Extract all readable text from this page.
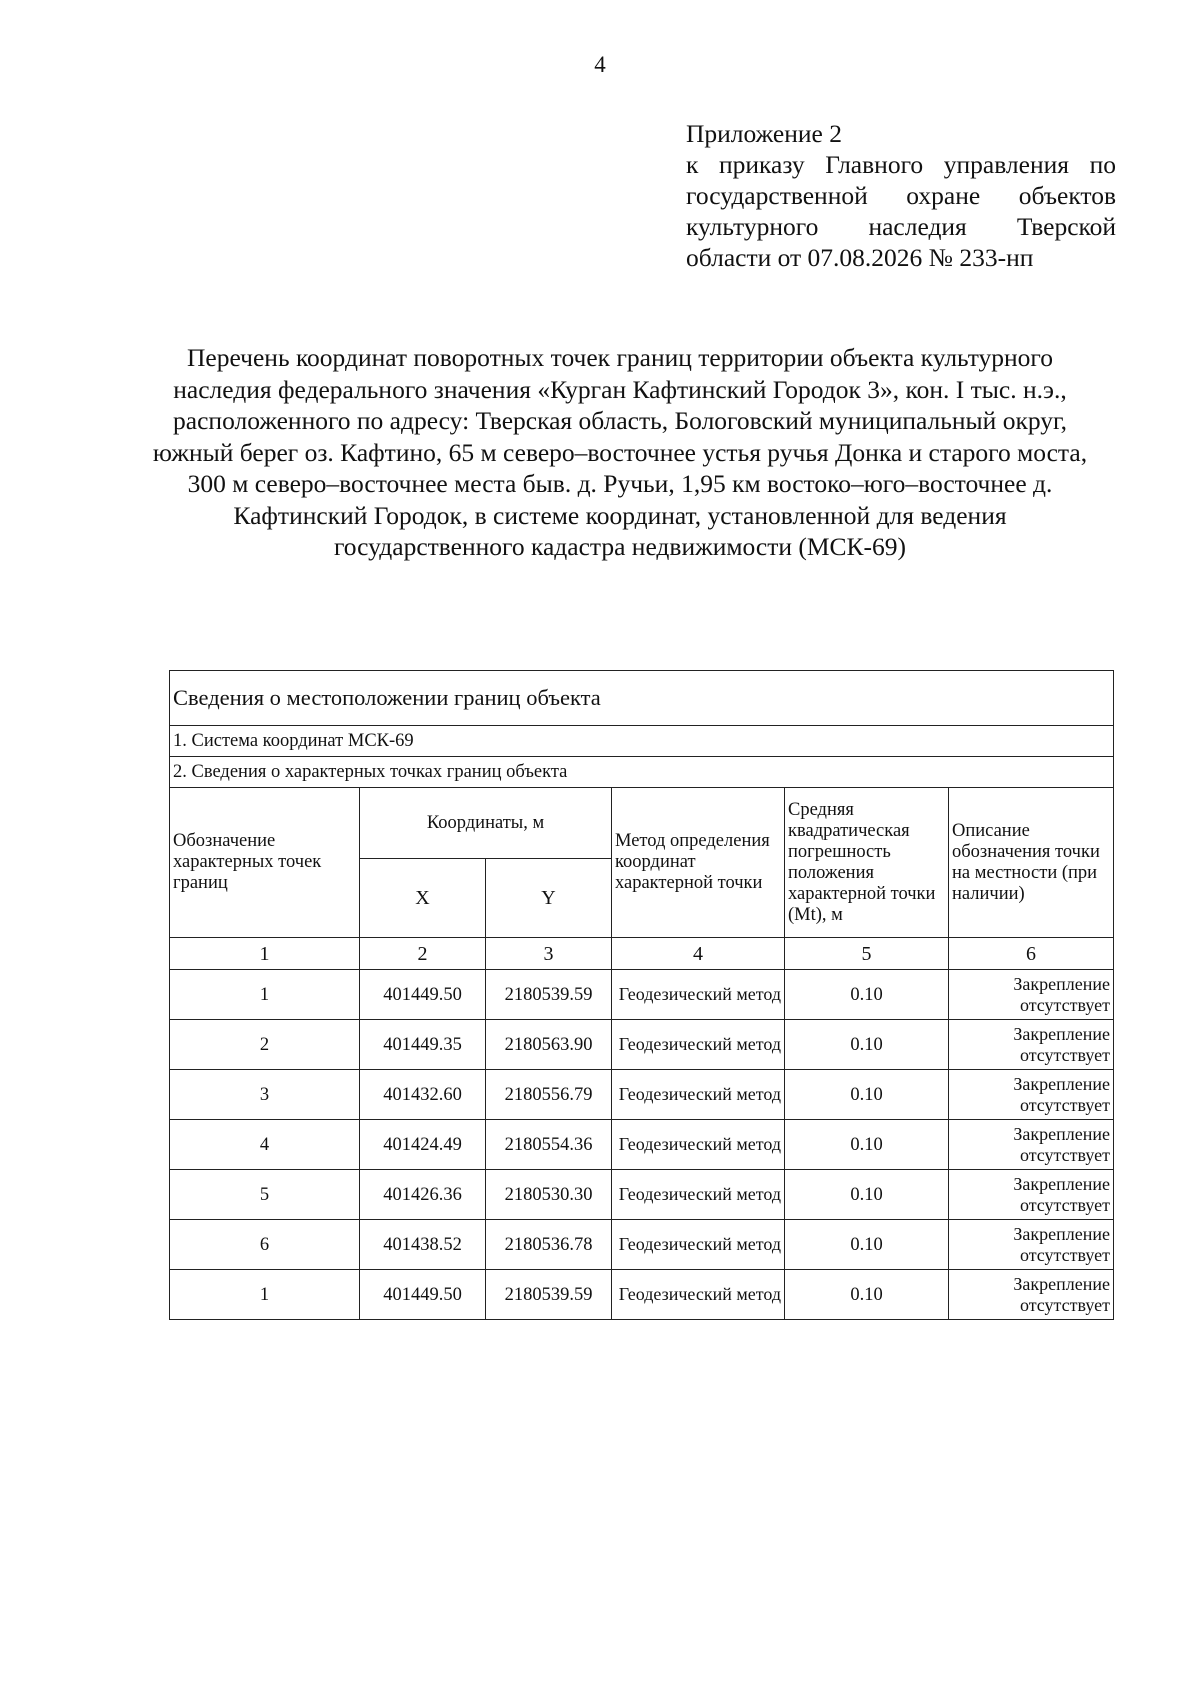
4
Приложение 2
к приказу Главного управления по государственной охране объектов культурного наследия Тверской области от 07.08.2026 № 233-нп
Перечень координат поворотных точек границ территории объекта культурного наследия федерального значения «Курган Кафтинский Городок 3», кон. I тыс. н.э., расположенного по адресу: Тверская область, Бологовский муниципальный округ, южный берег оз. Кафтино, 65 м северо–восточнее устья ручья Донка и старого моста, 300 м северо–восточнее места быв. д. Ручьи, 1,95 км востоко–юго–восточнее д. Кафтинский Городок, в системе координат, установленной для ведения государственного кадастра недвижимости (МСК-69)
Сведения о местоположении границ объекта					
1. Система координат МСК-69					
2. Сведения о характерных точках границ объекта					
Обозначение характерных точек границ	Координаты, м		Метод определения координат характерной точки	Средняя квадратическая погрешность положения характерной точки (Mt), м	Описание обозначения точки на местности (при наличии)
	X	Y			
1	2	3	4	5	6
1	401449.50	2180539.59	Геодезический метод	0.10	Закрепление отсутствует
2	401449.35	2180563.90	Геодезический метод	0.10	Закрепление отсутствует
3	401432.60	2180556.79	Геодезический метод	0.10	Закрепление отсутствует
4	401424.49	2180554.36	Геодезический метод	0.10	Закрепление отсутствует
5	401426.36	2180530.30	Геодезический метод	0.10	Закрепление отсутствует
6	401438.52	2180536.78	Геодезический метод	0.10	Закрепление отсутствует
1	401449.50	2180539.59	Геодезический метод	0.10	Закрепление отсутствует
